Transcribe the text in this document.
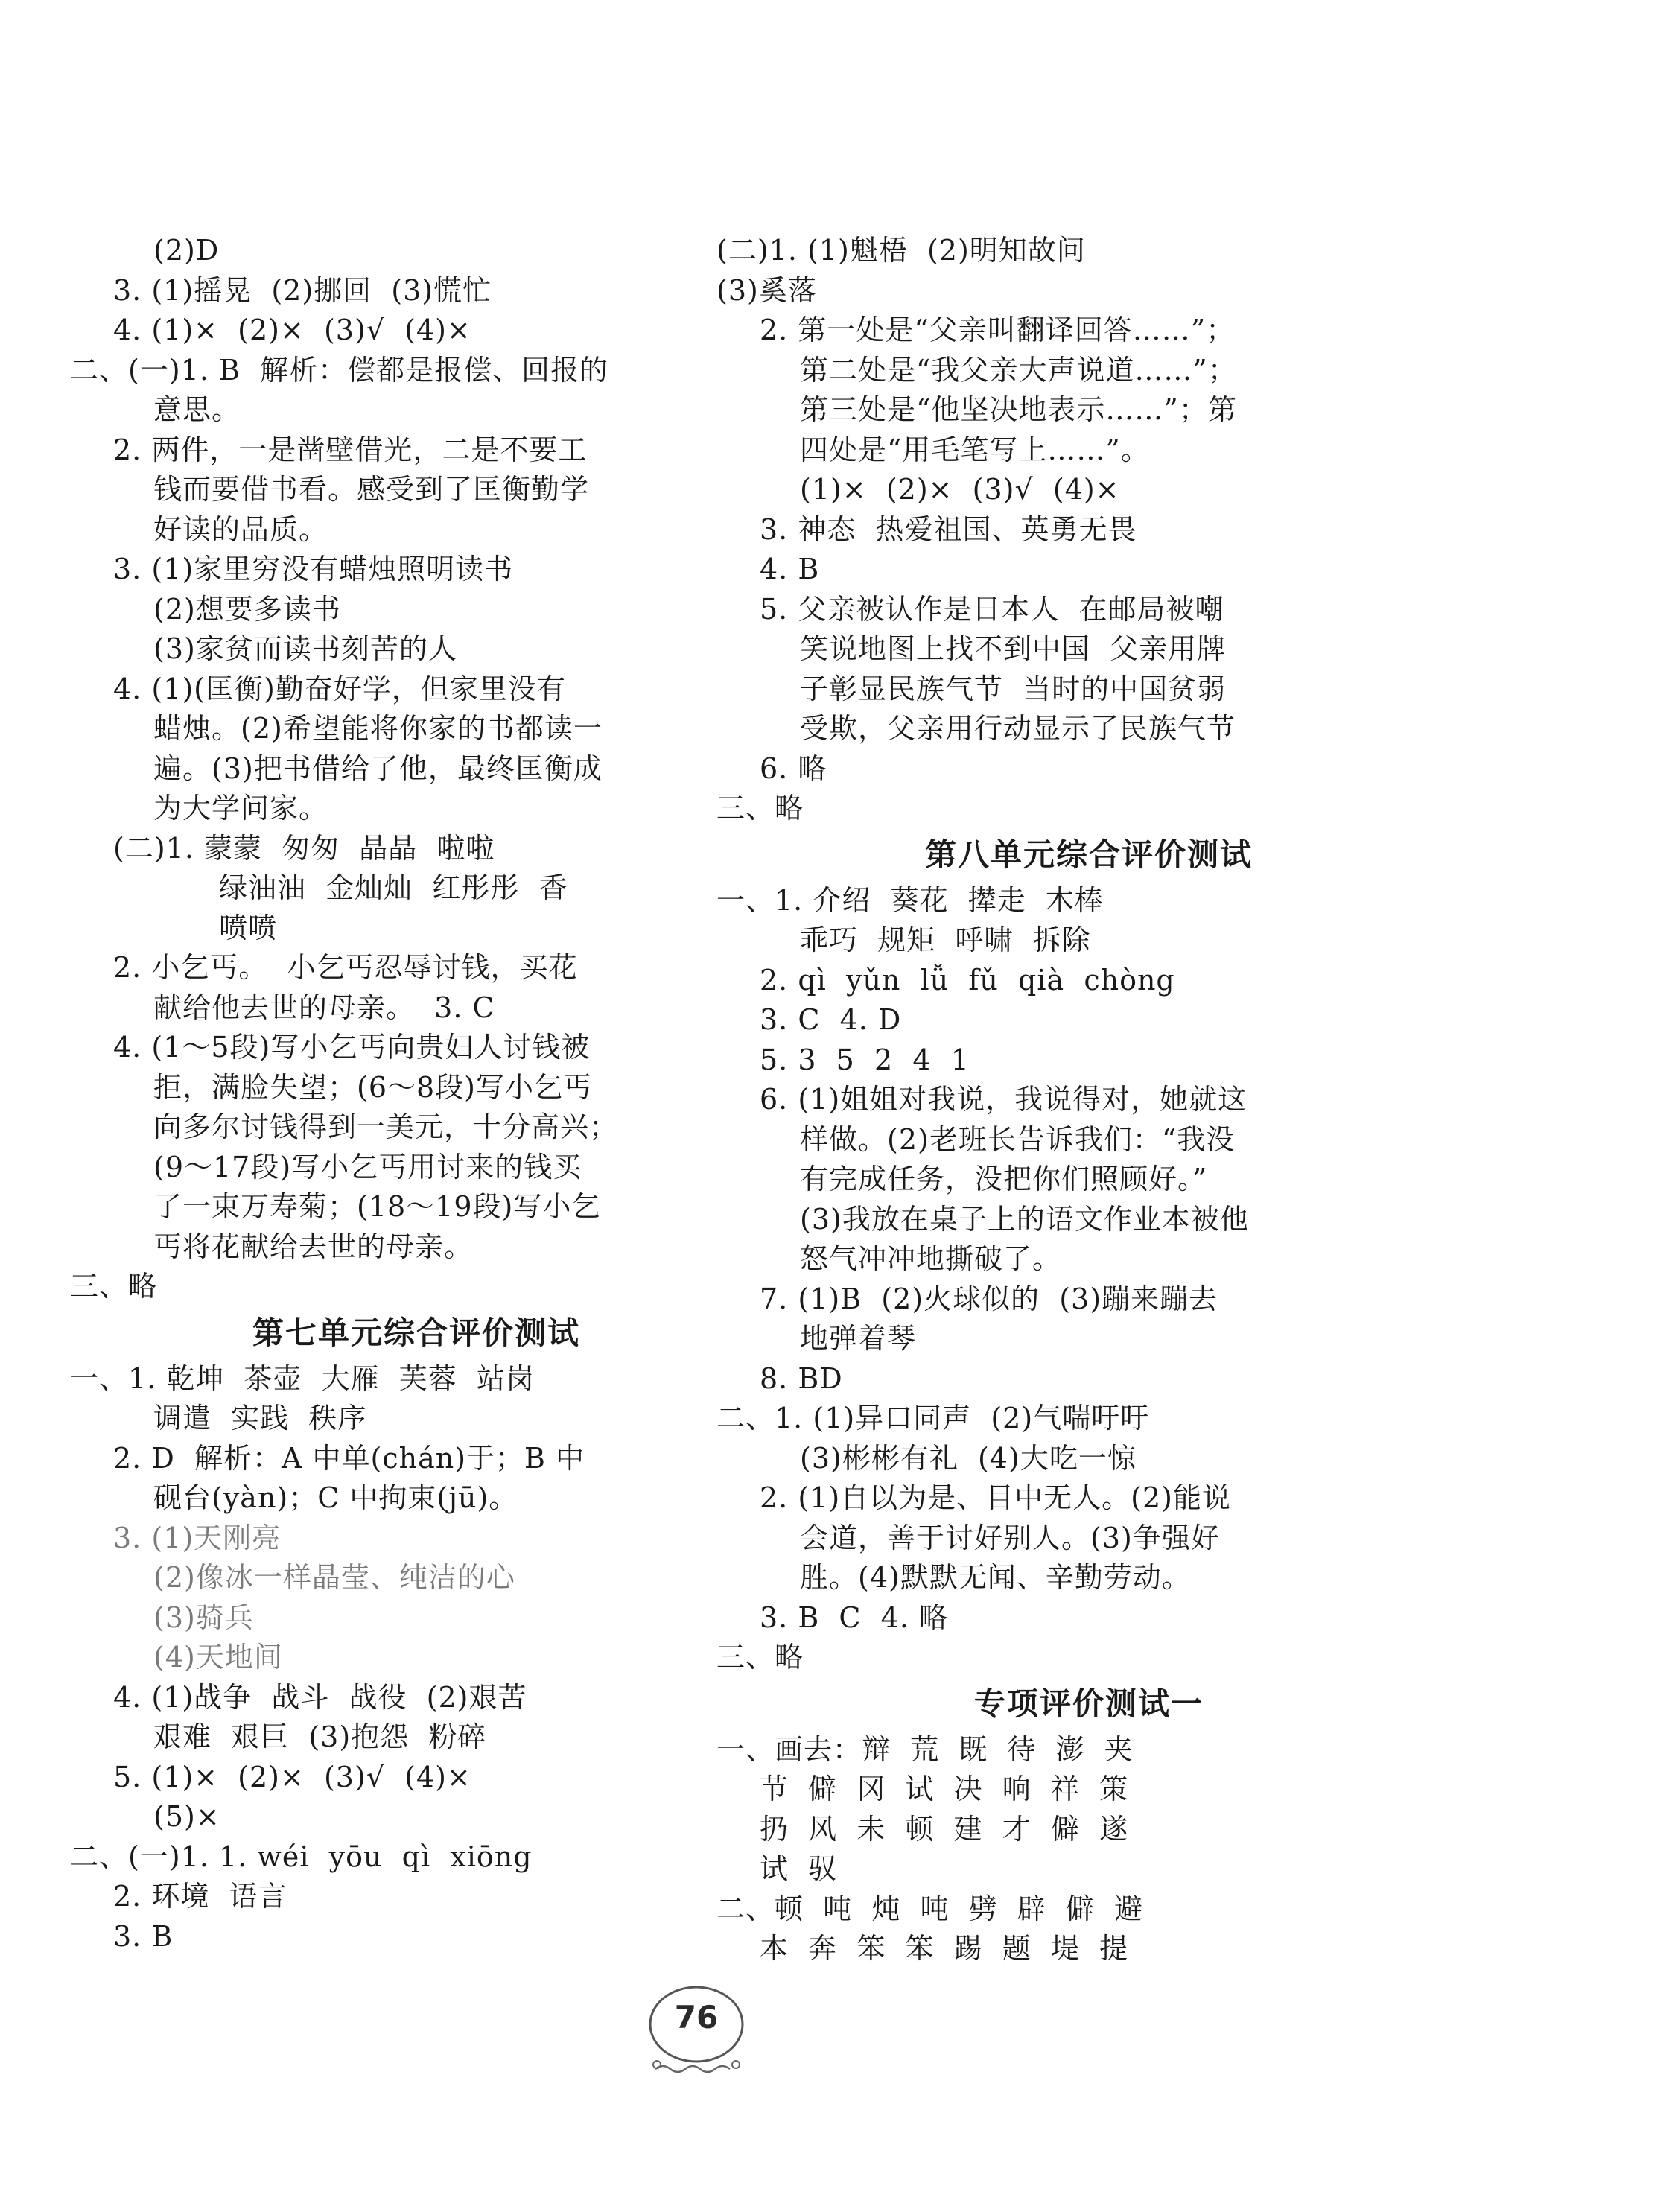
(2)D
3. (1)摇晃  (2)挪回  (3)慌忙
4. (1)×  (2)×  (3)√  (4)×
二、(一)1. B  解析：偿都是报偿、回报的
意思。
2. 两件，一是凿壁借光，二是不要工
钱而要借书看。感受到了匡衡勤学
好读的品质。
3. (1)家里穷没有蜡烛照明读书
(2)想要多读书
(3)家贫而读书刻苦的人
4. (1)(匡衡)勤奋好学，但家里没有
蜡烛。(2)希望能将你家的书都读一
遍。(3)把书借给了他，最终匡衡成
为大学问家。
(二)1. 蒙蒙  匆匆  晶晶  啦啦
绿油油  金灿灿  红彤彤  香
喷喷
2. 小乞丐。  小乞丐忍辱讨钱，买花
献给他去世的母亲。  3. C
4. (1～5段)写小乞丐向贵妇人讨钱被
拒，满脸失望；(6～8段)写小乞丐
向多尔讨钱得到一美元，十分高兴；
(9～17段)写小乞丐用讨来的钱买
了一束万寿菊；(18～19段)写小乞
丐将花献给去世的母亲。
三、略
第七单元综合评价测试
一、1. 乾坤  茶壶  大雁  芙蓉  站岗
调遣  实践  秩序
2. D  解析：A 中单(chán)于；B 中
砚台(yàn)；C 中拘束(jū)。
3. (1)天刚亮
(2)像冰一样晶莹、纯洁的心
(3)骑兵
(4)天地间
4. (1)战争  战斗  战役  (2)艰苦
艰难  艰巨  (3)抱怨  粉碎
5. (1)×  (2)×  (3)√  (4)×
(5)×
二、(一)1. 1. wéi  yōu  qì  xiōng
2. 环境  语言
3. B
(二)1. (1)魁梧  (2)明知故问
(3)奚落
2. 第一处是“父亲叫翻译回答……”；
第二处是“我父亲大声说道……”；
第三处是“他坚决地表示……”；第
四处是“用毛笔写上……”。
(1)×  (2)×  (3)√  (4)×
3. 神态  热爱祖国、英勇无畏
4. B
5. 父亲被认作是日本人  在邮局被嘲
笑说地图上找不到中国  父亲用牌
子彰显民族气节  当时的中国贫弱
受欺，父亲用行动显示了民族气节
6. 略
三、略
第八单元综合评价测试
一、1. 介绍  葵花  撵走  木棒
乖巧  规矩  呼啸  拆除
2. qì  yǔn  lǚ  fǔ  qià  chòng
3. C  4. D
5. 3  5  2  4  1
6. (1)姐姐对我说，我说得对，她就这
样做。(2)老班长告诉我们：“我没
有完成任务，没把你们照顾好。”
(3)我放在桌子上的语文作业本被他
怒气冲冲地撕破了。
7. (1)B  (2)火球似的  (3)蹦来蹦去
地弹着琴
8. BD
二、1. (1)异口同声  (2)气喘吁吁
(3)彬彬有礼  (4)大吃一惊
2. (1)自以为是、目中无人。(2)能说
会道，善于讨好别人。(3)争强好
胜。(4)默默无闻、辛勤劳动。
3. B  C  4. 略
三、略
专项评价测试一
一、画去：辩  荒  既  待  澎  夹
节  僻  冈  试  决  响  祥  策
扔  风  未  顿  建  才  僻  遂
试  驭
二、顿  吨  炖  吨  劈  辟  僻  避
本  奔  笨  笨  踢  题  堤  提
76
